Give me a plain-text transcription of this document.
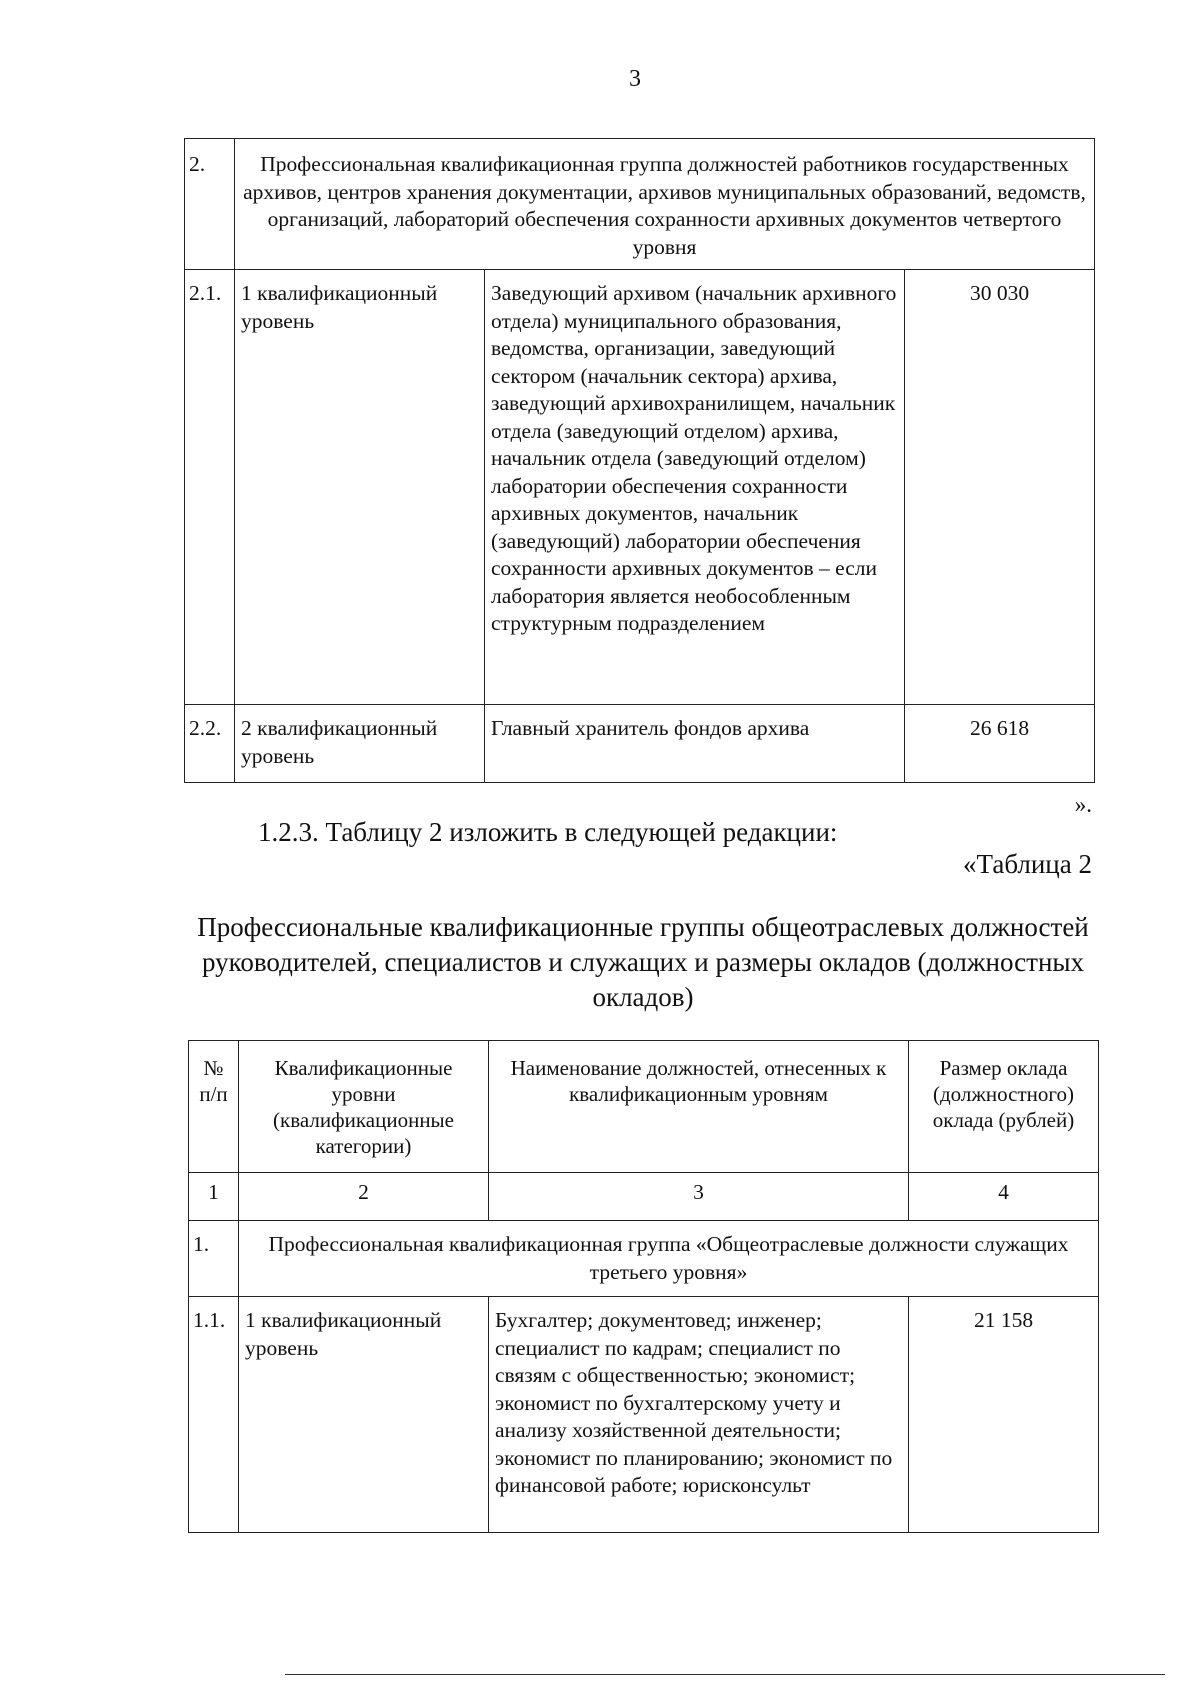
3
2.	Профессиональная квалификационная группа должностей работников государственных архивов, центров хранения документации, архивов муниципальных образований, ведомств, организаций, лабораторий обеспечения сохранности архивных документов четвертого уровня		
2.1.	1 квалификационный уровень	Заведующий архивом (начальник архивного отдела) муниципального образования, ведомства, организации, заведующий сектором (начальник сектора) архива, заведующий архивохранилищем, начальник отдела (заведующий отделом) архива, начальник отдела (заведующий отделом) лаборатории обеспечения сохранности архивных документов, начальник (заведующий) лаборатории обеспечения сохранности архивных документов – если лаборатория является необособленным структурным подразделением	30 030
2.2.	2 квалификационный уровень	Главный хранитель фондов архива	26 618
».
1.2.3. Таблицу 2 изложить в следующей редакции:
«Таблица 2
Профессиональные квалификационные группы общеотраслевых должностей руководителей, специалистов и служащих и размеры окладов (должностных окладов)
№ п/п	Квалификационные уровни (квалификационные категории)	Наименование должностей, отнесенных к квалификационным уровням	Размер оклада (должностного) оклада (рублей)
1	2	3	4
1.	Профессиональная квалификационная группа «Общеотраслевые должности служащих третьего уровня»		
1.1.	1 квалификационный уровень	Бухгалтер; документовед; инженер; специалист по кадрам; специалист по связям с общественностью; экономист; экономист по бухгалтерскому учету и анализу хозяйственной деятельности; экономист по планированию; экономист по финансовой работе; юрисконсульт	21 158
